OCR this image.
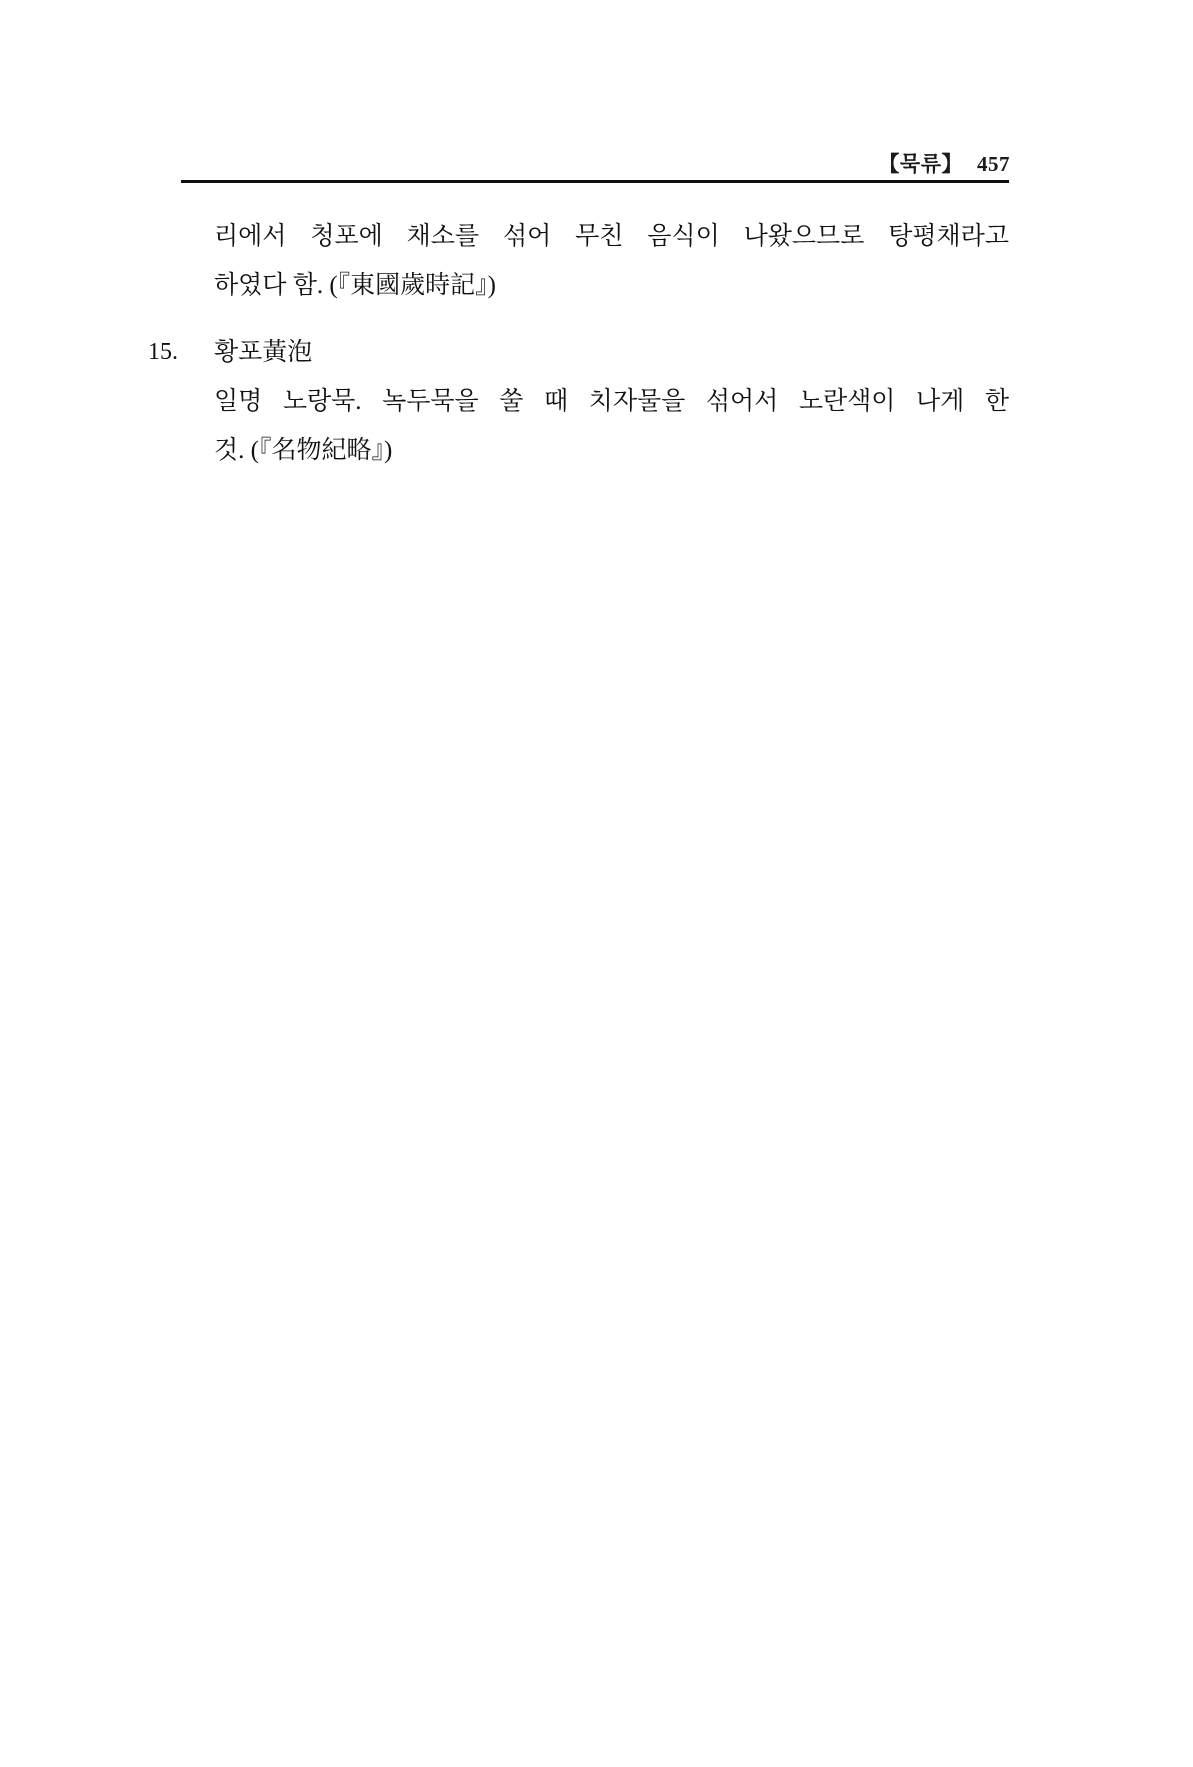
【묵류】 457
리에서 청포에 채소를 섞어 무친 음식이 나왔으므로 탕평채라고
하였다 함. (『東國歲時記』)
15.	황포黃泡
일명 노랑묵. 녹두묵을 쑬 때 치자물을 섞어서 노란색이 나게 한
것. (『名物紀略』)
